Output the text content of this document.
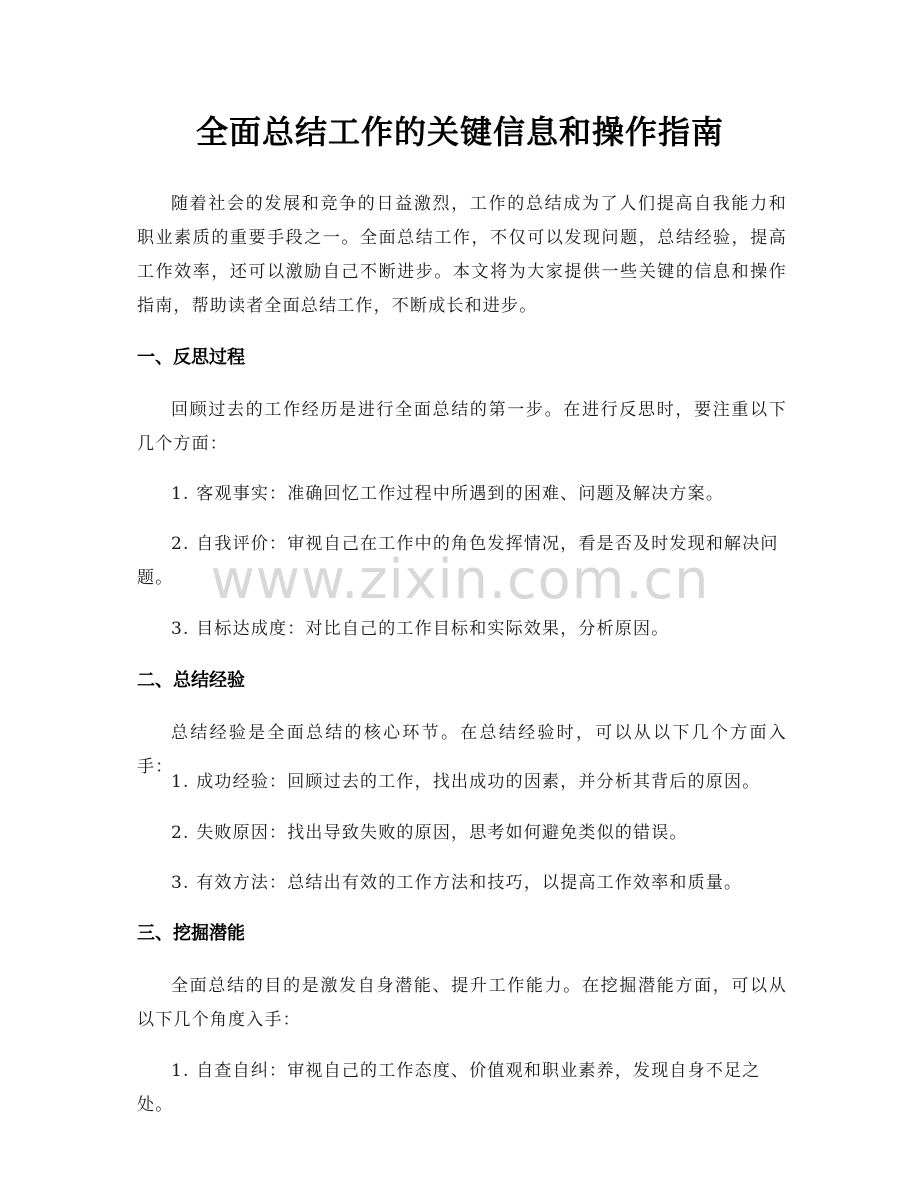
全面总结工作的关键信息和操作指南
随着社会的发展和竞争的日益激烈，工作的总结成为了人们提高自我能力和职业素质的重要手段之一。全面总结工作，不仅可以发现问题，总结经验，提高工作效率，还可以激励自己不断进步。本文将为大家提供一些关键的信息和操作指南，帮助读者全面总结工作，不断成长和进步。
一、反思过程
回顾过去的工作经历是进行全面总结的第一步。在进行反思时，要注重以下几个方面：
1. 客观事实：准确回忆工作过程中所遇到的困难、问题及解决方案。
2. 自我评价：审视自己在工作中的角色发挥情况，看是否及时发现和解决问题。
3. 目标达成度：对比自己的工作目标和实际效果，分析原因。
二、总结经验
总结经验是全面总结的核心环节。在总结经验时，可以从以下几个方面入手：
1. 成功经验：回顾过去的工作，找出成功的因素，并分析其背后的原因。
2. 失败原因：找出导致失败的原因，思考如何避免类似的错误。
3. 有效方法：总结出有效的工作方法和技巧，以提高工作效率和质量。
三、挖掘潜能
全面总结的目的是激发自身潜能、提升工作能力。在挖掘潜能方面，可以从以下几个角度入手：
1. 自查自纠：审视自己的工作态度、价值观和职业素养，发现自身不足之处。
www.zixin.com.cn
